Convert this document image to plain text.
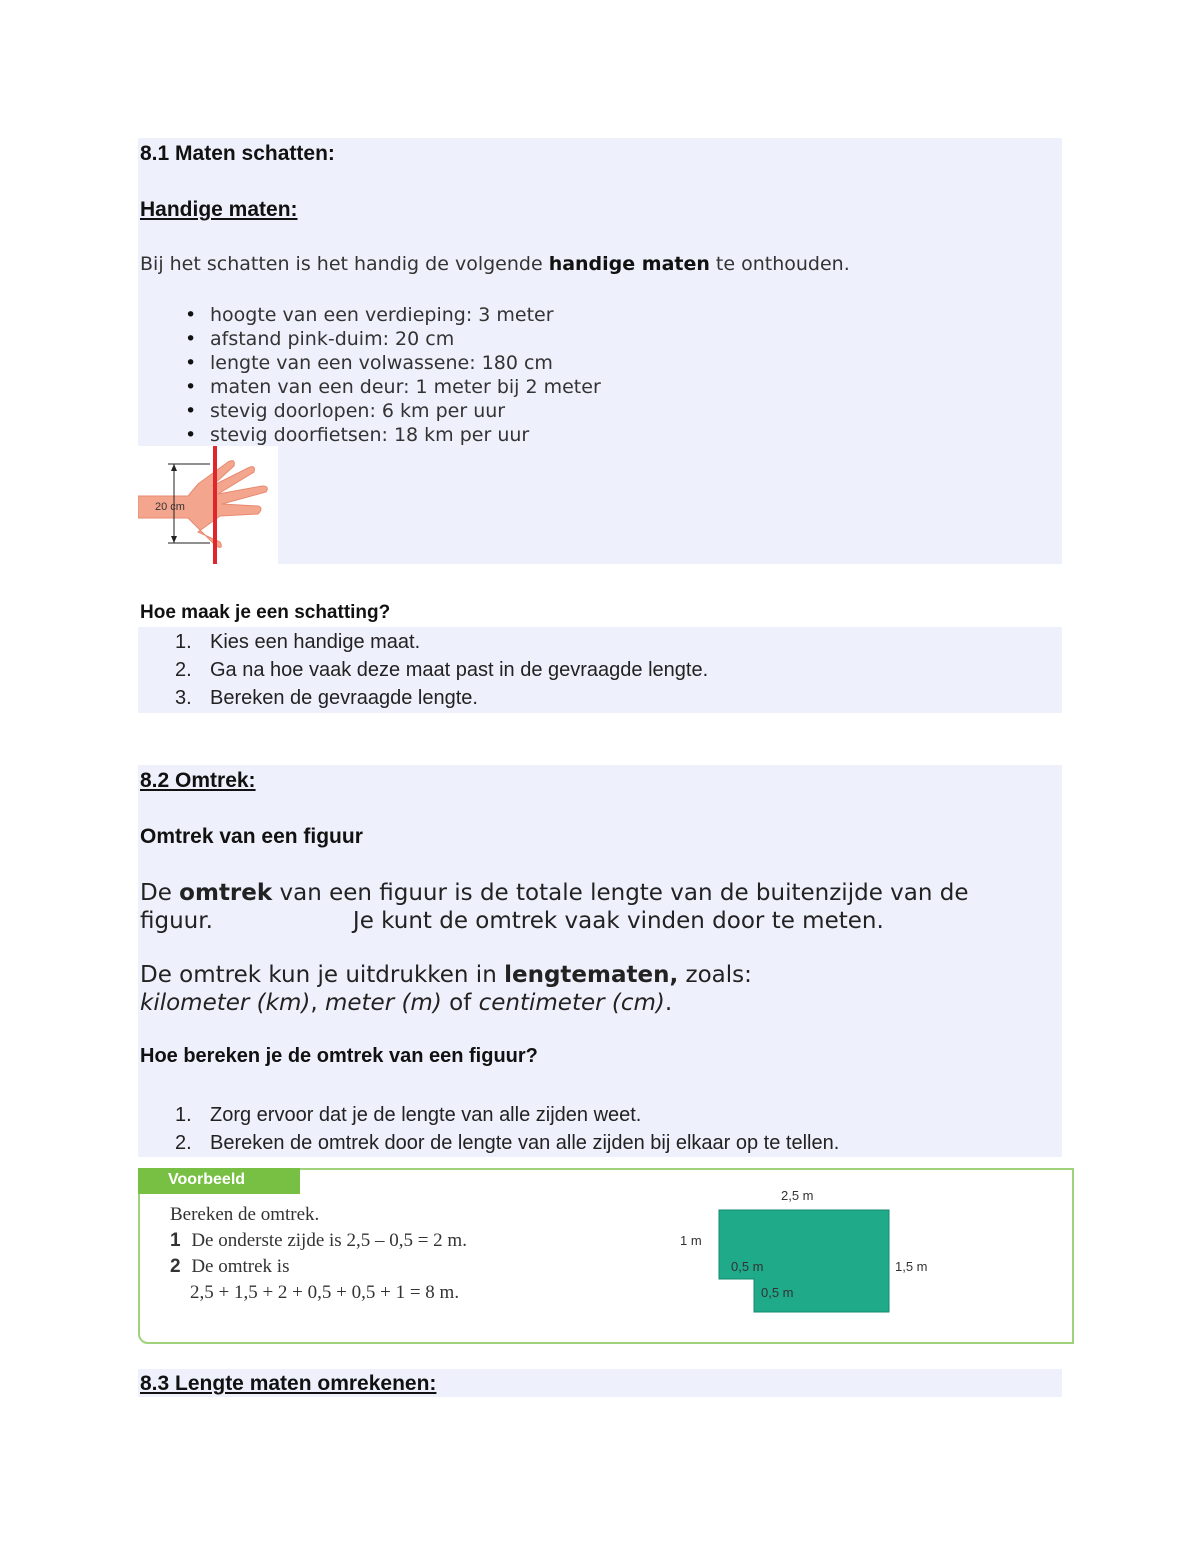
8.1 Maten schatten:
Handige maten:
Bij het schatten is het handig de volgende handige maten te onthouden.
• hoogte van een verdieping: 3 meter
• afstand pink-duim: 20 cm
• lengte van een volwassene: 180 cm
• maten van een deur: 1 meter bij 2 meter
• stevig doorlopen: 6 km per uur
• stevig doorfietsen: 18 km per uur
20 cm
Hoe maak je een schatting?
1. Kies een handige maat.
2. Ga na hoe vaak deze maat past in de gevraagde lengte.
3. Bereken de gevraagde lengte.
8.2 Omtrek:
Omtrek van een figuur
De omtrek van een figuur is de totale lengte van de buitenzijde van de
figuur.	Je kunt de omtrek vaak vinden door te meten.
De omtrek kun je uitdrukken in lengtematen, zoals:
kilometer (km), meter (m) of centimeter (cm).
Hoe bereken je de omtrek van een figuur?
1. Zorg ervoor dat je de lengte van alle zijden weet.
2. Bereken de omtrek door de lengte van alle zijden bij elkaar op te tellen.
Voorbeeld
Bereken de omtrek.
1 De onderste zijde is 2,5 – 0,5 = 2 m.
2 De omtrek is
2,5 + 1,5 + 2 + 0,5 + 0,5 + 1 = 8 m.
2,5 m
1 m
1,5 m
0,5 m
0,5 m
8.3 Lengte maten omrekenen:
